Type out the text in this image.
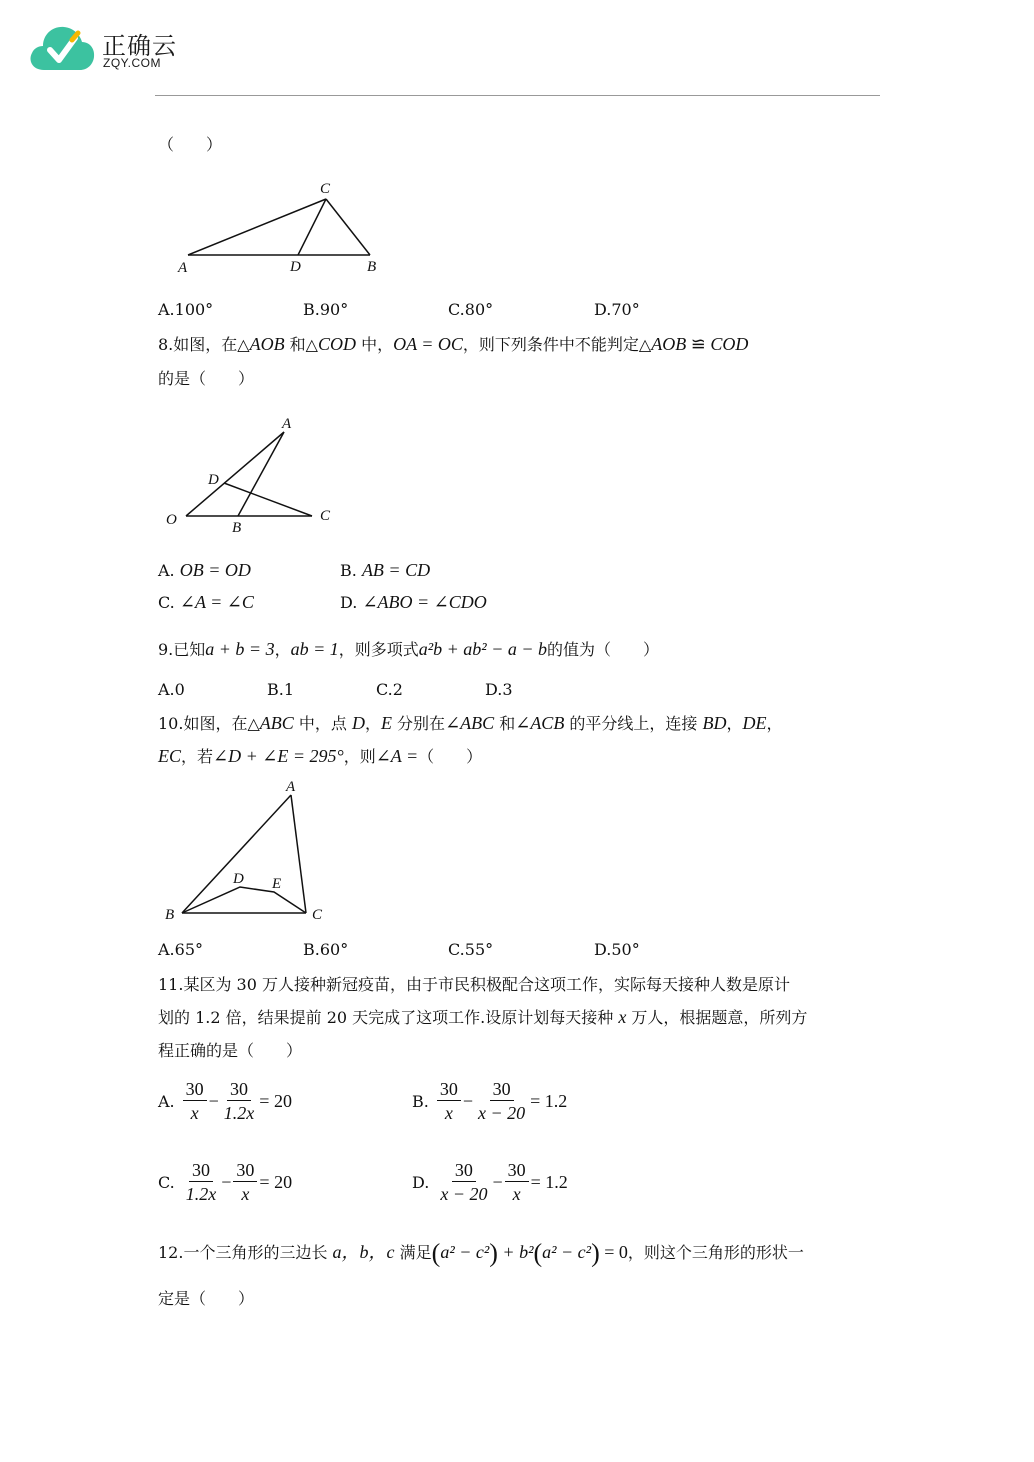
正确云
ZQY.COM
（　　）
C
A	D	B
A.100°	B.90°	C.80°	D.70°
8.如图，在△AOB 和△COD 中，OA = OC，则下列条件中不能判定△AOB ≌ COD
的是（　　）
A
D
O	B
C
A. OB = OD	B. AB = CD
C. ∠A = ∠C	D. ∠ABO = ∠CDO
9.已知a + b = 3，ab = 1，则多项式a²b + ab² − a − b的值为（　　）
A.0	B.1	C.2	D.3
10.如图，在△ABC 中，点 D，E 分别在∠ABC 和∠ACB 的平分线上，连接 BD，DE，
EC，若∠D + ∠E = 295°，则∠A =（　　）
A
D E
B	C
A.65°	B.60°	C.55°	D.50°
11.某区为 30 万人接种新冠疫苗，由于市民积极配合这项工作，实际每天接种人数是原计
划的 1.2 倍，结果提前 20 天完成了这项工作.设原计划每天接种 x 万人，根据题意，所列方
程正确的是（　　）
A. $\frac{30}{x} - \frac{30}{1.2x} = 20$	B. $\frac{30}{x} - \frac{30}{x - 20} = 1.2$
C. $\frac{30}{1.2x} - \frac{30}{x} = 20$	D. $\frac{30}{x - 20} - \frac{30}{x} = 1.2$
12.一个三角形的三边长 a，b，c 满足(a² − c²) + b²(a² − c²) = 0，则这个三角形的形状一
定是（　　）
